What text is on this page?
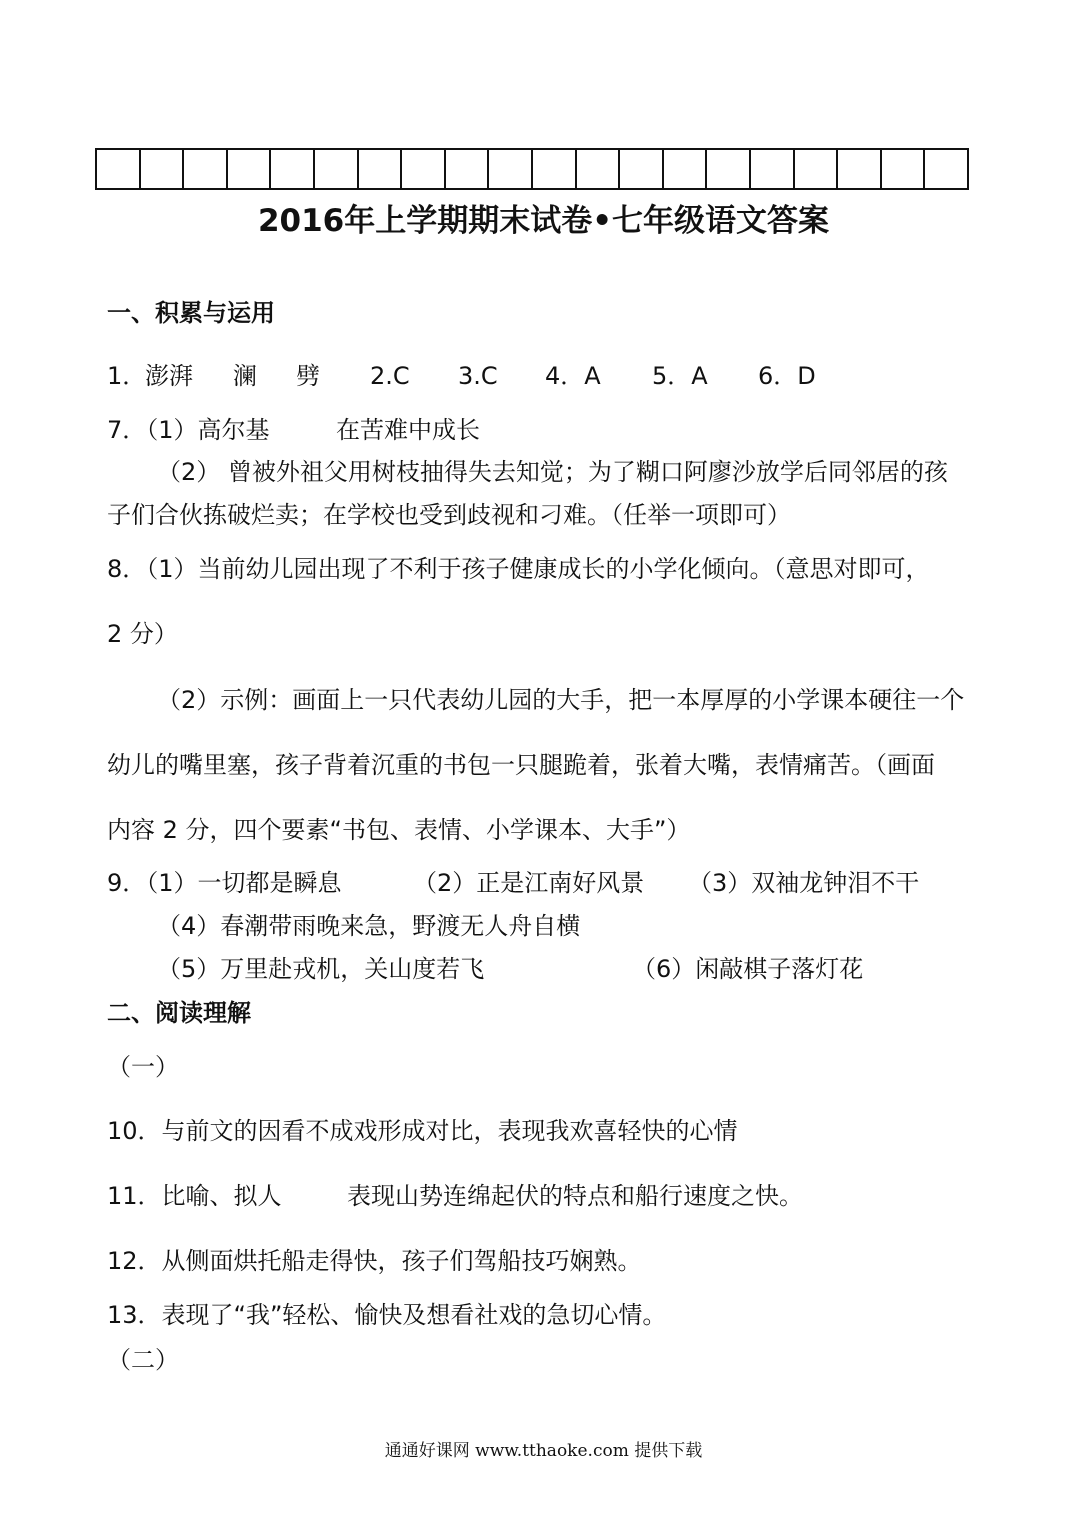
2016年上学期期末试卷•七年级语文答案
一、积累与运用
1．
澎湃 澜 劈 2.C 3.C 4．A 5．A 6．D
7．（1）高尔基	在苦难中成长
（2） 曾被外祖父用树枝抽得失去知觉；为了糊口阿廖沙放学后同邻居的孩
子们合伙拣破烂卖；在学校也受到歧视和刁难。（任举一项即可）
8．（1）当前幼儿园出现了不利于孩子健康成长的小学化倾向。（意思对即可，
2 分）
（2）示例：画面上一只代表幼儿园的大手，把一本厚厚的小学课本硬往一个
幼儿的嘴里塞，孩子背着沉重的书包一只腿跪着，张着大嘴，表情痛苦。（画面
内容 2 分，四个要素“书包、表情、小学课本、大手”）
9．（1）一切都是瞬息	（2）正是江南好风景 （3）双袖龙钟泪不干
（4）春潮带雨晚来急，野渡无人舟自横
（5）万里赴戎机，关山度若飞	（6）闲敲棋子落灯花
二、阅读理解
（一）
10．与前文的因看不成戏形成对比，表现我欢喜轻快的心情
11．比喻、拟人	表现山势连绵起伏的特点和船行速度之快。
12．从侧面烘托船走得快，孩子们驾船技巧娴熟。
13．表现了“我”轻松、愉快及想看社戏的急切心情。
（二）
通通好课网 www.tthaoke.com 提供下载
